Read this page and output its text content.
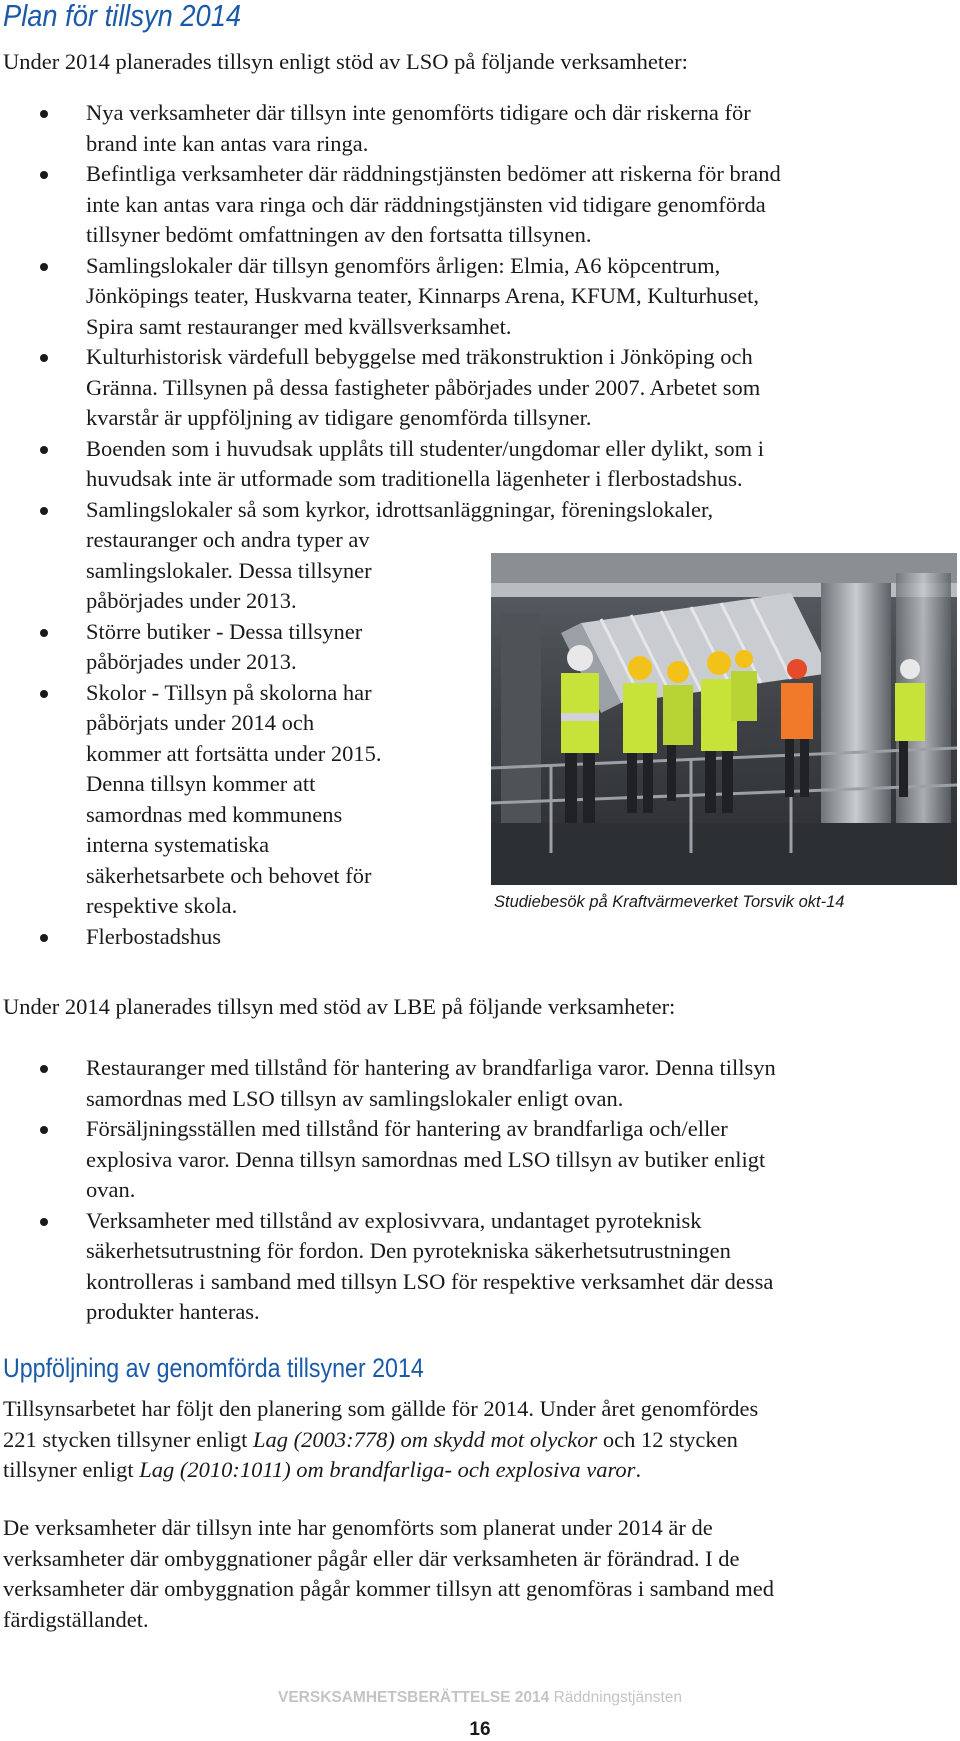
Plan för tillsyn 2014

Under 2014 planerades tillsyn enligt stöd av LSO på följande verksamheter:

Nya verksamheter där tillsyn inte genomförts tidigare och där riskerna för
brand inte kan antas vara ringa.
Befintliga verksamheter där räddningstjänsten bedömer att riskerna för brand
inte kan antas vara ringa och där räddningstjänsten vid tidigare genomförda
tillsyner bedömt omfattningen av den fortsatta tillsynen.
Samlingslokaler där tillsyn genomförs årligen: Elmia, A6 köpcentrum,
Jönköpings teater, Huskvarna teater, Kinnarps Arena, KFUM, Kulturhuset,
Spira samt restauranger med kvällsverksamhet.
Kulturhistorisk värdefull bebyggelse med träkonstruktion i Jönköping och
Gränna. Tillsynen på dessa fastigheter påbörjades under 2007. Arbetet som
kvarstår är uppföljning av tidigare genomförda tillsyner.
Boenden som i huvudsak upplåts till studenter/ungdomar eller dylikt, som i
huvudsak inte är utformade som traditionella lägenheter i flerbostadshus.
Samlingslokaler så som kyrkor, idrottsanläggningar, föreningslokaler,
restauranger och andra typer av
samlingslokaler. Dessa tillsyner
påbörjades under 2013.
Större butiker - Dessa tillsyner
påbörjades under 2013.
Skolor - Tillsyn på skolorna har
påbörjats under 2014 och
kommer att fortsätta under 2015.
Denna tillsyn kommer att
samordnas med kommunens
interna systematiska
säkerhetsarbete och behovet för
respektive skola.
Flerbostadshus

Studiebesök på Kraftvärmeverket Torsvik okt-14

Under 2014 planerades tillsyn med stöd av LBE på följande verksamheter:

Restauranger med tillstånd för hantering av brandfarliga varor. Denna tillsyn
samordnas med LSO tillsyn av samlingslokaler enligt ovan.
Försäljningsställen med tillstånd för hantering av brandfarliga och/eller
explosiva varor. Denna tillsyn samordnas med LSO tillsyn av butiker enligt
ovan.
Verksamheter med tillstånd av explosivvara, undantaget pyroteknisk
säkerhetsutrustning för fordon. Den pyrotekniska säkerhetsutrustningen
kontrolleras i samband med tillsyn LSO för respektive verksamhet där dessa
produkter hanteras.
Uppföljning av genomförda tillsyner 2014

Tillsynsarbetet har följt den planering som gällde för 2014. Under året genomfördes
221 stycken tillsyner enligt Lag (2003:778) om skydd mot olyckor och 12 stycken
tillsyner enligt Lag (2010:1011) om brandfarliga- och explosiva varor.

De verksamheter där tillsyn inte har genomförts som planerat under 2014 är de
verksamheter där ombyggnationer pågår eller där verksamheten är förändrad. I de
verksamheter där ombyggnation pågår kommer tillsyn att genomföras i samband med
färdigställandet.

VERSKSAMHETSBERÄTTELSE 2014 Räddningstjänsten

16
